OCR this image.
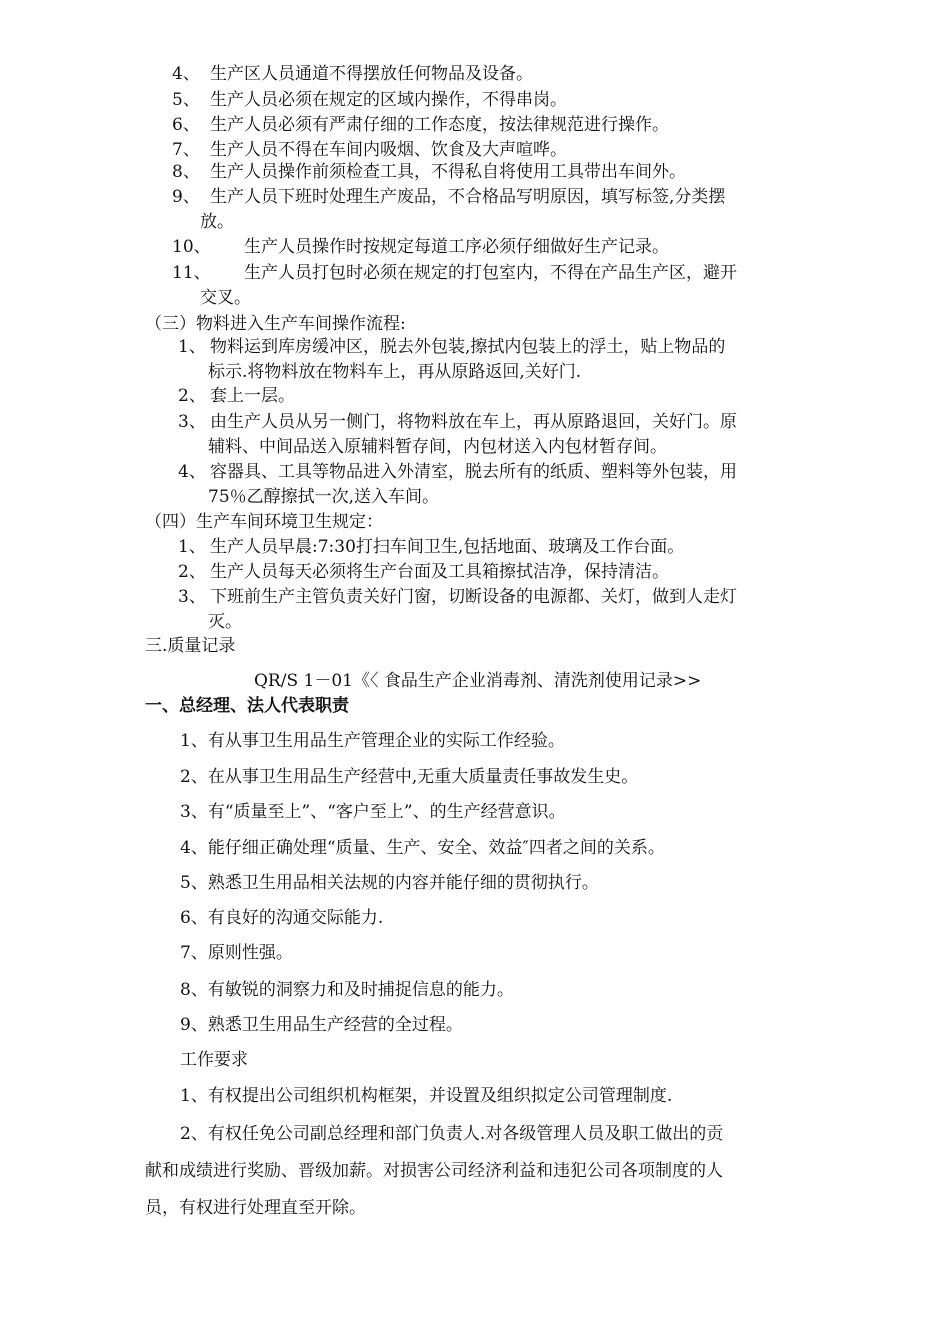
4、 生产区人员通道不得摆放任何物品及设备。
5、 生产人员必须在规定的区域内操作，不得串岗。
6、 生产人员必须有严肃仔细的工作态度，按法律规范进行操作。
7、 生产人员不得在车间内吸烟、饮食及大声喧哗。
8、 生产人员操作前须检查工具，不得私自将使用工具带出车间外。
9、 生产人员下班时处理生产废品，不合格品写明原因，填写标签,分类摆
放。
10、 生产人员操作时按规定每道工序必须仔细做好生产记录。
11、 生产人员打包时必须在规定的打包室内，不得在产品生产区，避开
交叉。
（三）物料进入生产车间操作流程:
1、 物料运到库房缓冲区，脱去外包装,擦拭内包装上的浮土，贴上物品的
标示.将物料放在物料车上，再从原路返回,关好门.
2、 套上一层。
3、 由生产人员从另一侧门，将物料放在车上，再从原路退回，关好门。原
辅料、中间品送入原辅料暂存间，内包材送入内包材暂存间。
4、 容器具、工具等物品进入外清室，脱去所有的纸质、塑料等外包装，用
75％乙醇擦拭一次,送入车间。
（四）生产车间环境卫生规定：
1、 生产人员早晨:7:30打扫车间卫生,包括地面、玻璃及工作台面。
2、 生产人员每天必须将生产台面及工具箱擦拭洁净，保持清洁。
3、 下班前生产主管负责关好门窗，切断设备的电源都、关灯，做到人走灯
灭。
三.质量记录
QR/S 1－01《〈 食品生产企业消毒剂、清洗剂使用记录>>
一、总经理、法人代表职责
1、有从事卫生用品生产管理企业的实际工作经验。
2、在从事卫生用品生产经营中,无重大质量责任事故发生史。
3、有“质量至上”、“客户至上”、的生产经营意识。
4、能仔细正确处理“质量、生产、安全、效益″四者之间的关系。
5、熟悉卫生用品相关法规的内容并能仔细的贯彻执行。
6、有良好的沟通交际能力.
7、原则性强。
8、有敏锐的洞察力和及时捕捉信息的能力。
9、熟悉卫生用品生产经营的全过程。
工作要求
1、有权提出公司组织机构框架，并设置及组织拟定公司管理制度.
2、有权任免公司副总经理和部门负责人.对各级管理人员及职工做出的贡
献和成绩进行奖励、晋级加薪。对损害公司经济利益和违犯公司各项制度的人
员，有权进行处理直至开除。
